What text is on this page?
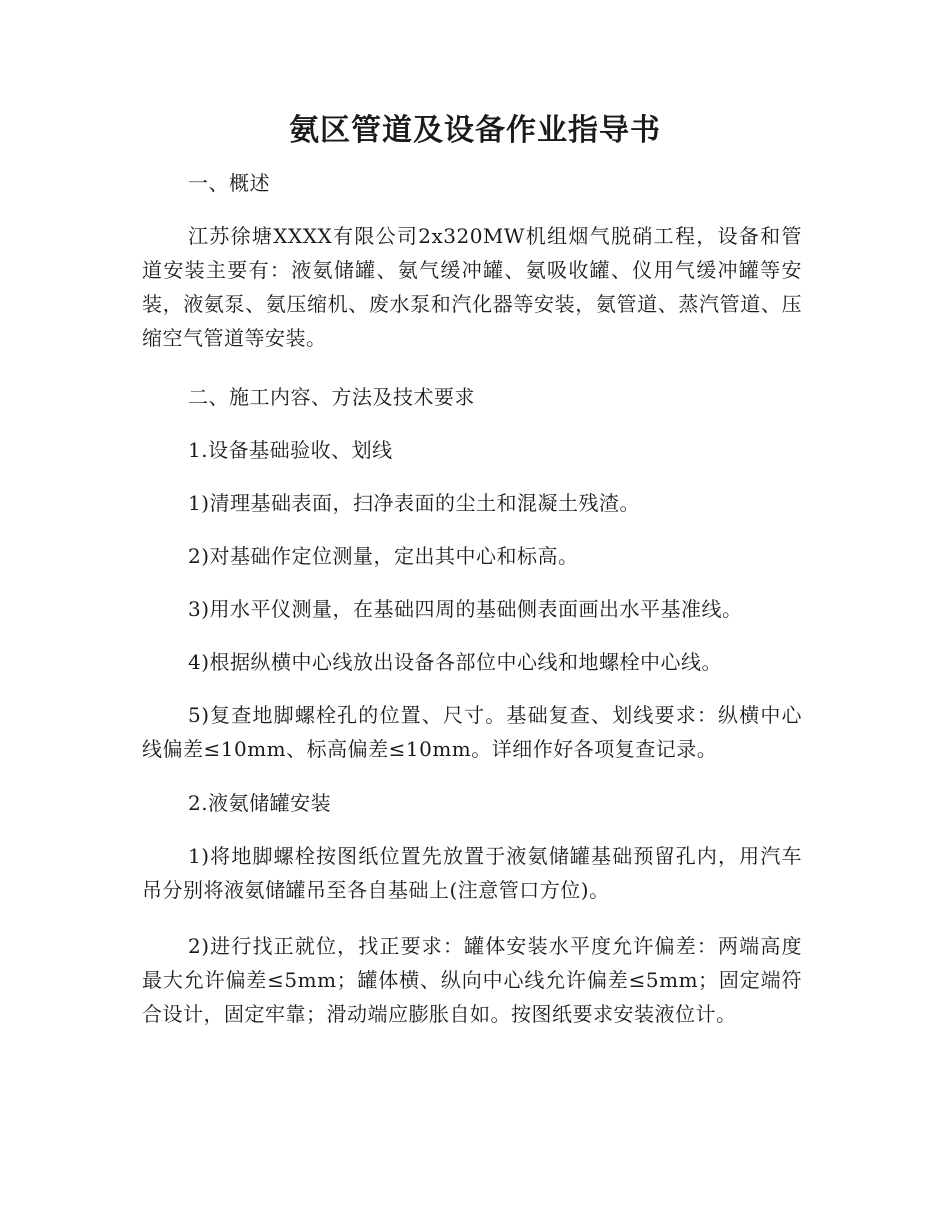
氨区管道及设备作业指导书

一、概述

江苏徐塘XXXX有限公司2x320MW机组烟气脱硝工程，设备和管道安装主要有：液氨储罐、氨气缓冲罐、氨吸收罐、仪用气缓冲罐等安装，液氨泵、氨压缩机、废水泵和汽化器等安装，氨管道、蒸汽管道、压缩空气管道等安装。

二、施工内容、方法及技术要求

1.设备基础验收、划线

1)清理基础表面，扫净表面的尘土和混凝土残渣。

2)对基础作定位测量，定出其中心和标高。

3)用水平仪测量，在基础四周的基础侧表面画出水平基准线。

4)根据纵横中心线放出设备各部位中心线和地螺栓中心线。

5)复查地脚螺栓孔的位置、尺寸。基础复查、划线要求：纵横中心线偏差≤10mm、标高偏差≤10mm。详细作好各项复查记录。

2.液氨储罐安装

1)将地脚螺栓按图纸位置先放置于液氨储罐基础预留孔内，用汽车吊分别将液氨储罐吊至各自基础上(注意管口方位)。

2)进行找正就位，找正要求：罐体安装水平度允许偏差：两端高度最大允许偏差≤5mm；罐体横、纵向中心线允许偏差≤5mm；固定端符合设计，固定牢靠；滑动端应膨胀自如。按图纸要求安装液位计。
